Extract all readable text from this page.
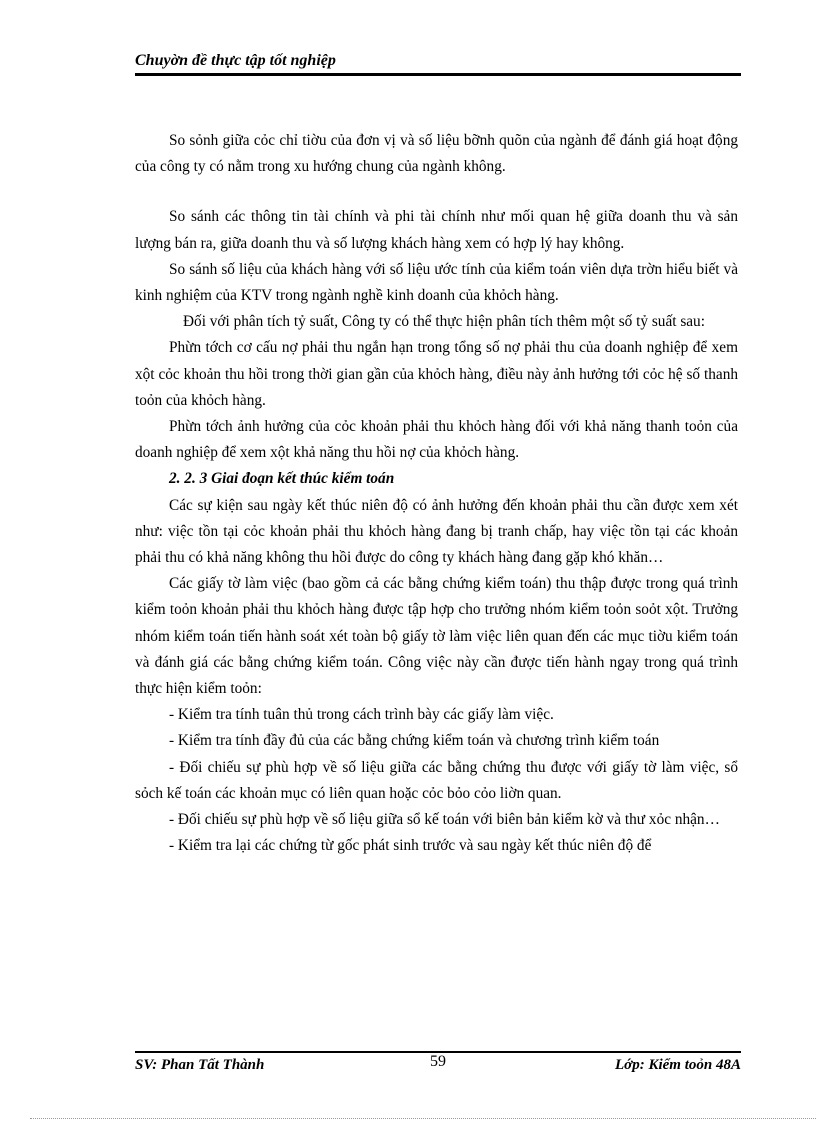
Chuyờn đề thực tập tốt nghiệp

So sỏnh giữa cỏc chỉ tiờu của đơn vị và số liệu bỡnh quõn của ngành để đánh giá hoạt động của công ty có nằm trong xu hướng chung của ngành không.

So sánh các thông tin tài chính và phi tài chính như mối quan hệ giữa doanh thu và sản lượng bán ra, giữa doanh thu và số lượng khách hàng xem có hợp lý hay không.

So sánh số liệu của khách hàng với số liệu ước tính của kiểm toán viên dựa trờn hiểu biết và kinh nghiệm của KTV trong ngành nghề kinh doanh của khỏch hàng.

Đối với phân tích tỷ suất, Công ty có thể thực hiện phân tích thêm một số tỷ suất sau:

Phừn tớch cơ cấu nợ phải thu ngắn hạn trong tổng số nợ phải thu của doanh nghiệp để xem xột cỏc khoản thu hồi trong thời gian gần của khỏch hàng, điều này ảnh hưởng tới cỏc hệ số thanh toỏn của khỏch hàng.

Phừn tớch ảnh hưởng của cỏc khoản phải thu khỏch hàng đối với khả năng thanh toỏn của doanh nghiệp để xem xột khả năng thu hồi nợ của khỏch hàng.

2. 2. 3 Giai đoạn kết thúc kiểm toán

Các sự kiện sau ngày kết thúc niên độ có ảnh hưởng đến khoản phải thu cần được xem xét như: việc tồn tại cỏc khoản phải thu khỏch hàng đang bị tranh chấp, hay việc tồn tại các khoản phải thu có khả năng không thu hồi được do công ty khách hàng đang gặp khó khăn…

Các giấy tờ làm việc (bao gồm cả các bằng chứng kiểm toán) thu thập được trong quá trình kiểm toỏn khoản phải thu khỏch hàng được tập hợp cho trưởng nhóm kiểm toỏn soỏt xột. Trưởng nhóm kiểm toán tiến hành soát xét toàn bộ giấy tờ làm việc liên quan đến các mục tiờu kiểm toán và đánh giá các bằng chứng kiểm toán. Công việc này cần được tiến hành ngay trong quá trình thực hiện kiểm toỏn:

- Kiểm tra tính tuân thủ trong cách trình bày các giấy làm việc.

- Kiểm tra tính đầy đủ của các bằng chứng kiểm toán và chương trình kiểm toán

- Đối chiếu sự phù hợp về số liệu giữa các bằng chứng thu được với giấy tờ làm việc, sổ sỏch kế toán các khoản mục có liên quan hoặc cỏc bỏo cỏo liờn quan.

- Đối chiếu sự phù hợp về số liệu giữa sổ kế toán với biên bản kiểm kờ và thư xỏc nhận…

- Kiểm tra lại các chứng từ gốc phát sinh trước và sau ngày kết thúc niên độ để

SV: Phan Tất Thành	59	Lớp: Kiểm toỏn 48A
